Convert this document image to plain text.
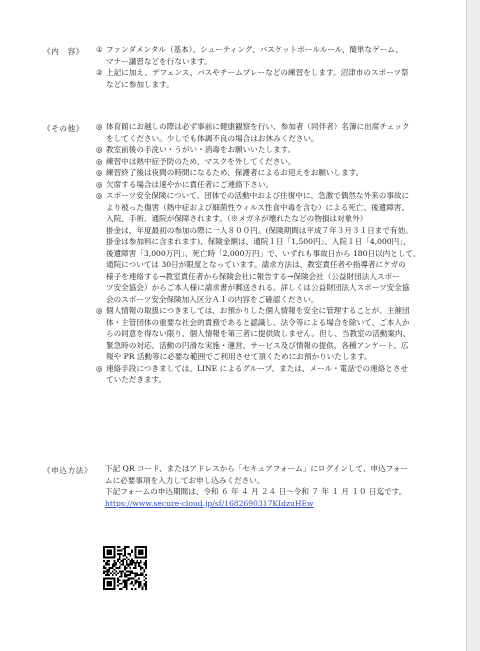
《内　容》 ① ファンダメンタル（基本）、シューティング、バスケットボールルール、簡単なゲーム、
マナー講習などを行ないます。
② 上記に加え、デフェンス、パスやチームプレーなどの練習をします。沼津市のスポーツ祭
などに参加します。
《その他》 ◎ 体育館にお越しの際は必ず事前に健康観察を行い、参加者（同伴者）名簿に出席チェック
をしてください。少しでも体調不良の場合はお休みください。
◎ 教室前後の手洗い・うがい・消毒をお願いいたします。
◎ 練習中は熱中症予防のため、マスクを外してください。
◎ 練習終了後は夜間の時間になるため、保護者によるお迎えをお願いします。
◎ 欠席する場合は速やかに責任者にご連絡下さい。
◎ スポーツ安全保険について、団体での活動中および往復中に、急激で偶然な外来の事故に
より被った傷害（熱中症および細菌性ウィルス性食中毒を含む）による死亡、後遺障害、
入院、手術、通院が保障されます。（※メガネが壊れたなどの物損は対象外）
掛金は、年度最初の参加の際に一人８００円。(保険期間は平成７年３月３１日まで有効。
掛金は参加料に含まれます)、保険金額は、通院１日「1,500円」、入院１日「4,000円」、
後遺障害「3,000万円」、死亡時「2,000万円」で、いずれも事故日から 180日以内として、
通院については 30日が限度となっています。請求方法は、教室責任者や指導者にケガの
様子を連絡する→教室責任者から保険会社に報告する→保険会社（公益財団法人スポー
ツ安全協会）からご本人様に請求書が郵送される。詳しくは公益財団法人スポーツ安全協
会のスポーツ安全保険加入区分Ａ１の内容をご確認ください。
◎ 個人情報の取扱につきましては、お預かりした個人情報を安全に管理することが、主催団
体・主管団体の重要な社会的責務であると認識し、法令等による場合を除いて、ご本人か
らの同意を得ない限り、個人情報を第三者に提供致しません。但し、当教室の活動案内、
緊急時の対応、活動の円滑な実施・運営、サービス及び情報の提供、各種アンケート、広
報や PR 活動等に必要な範囲でご利用させて頂くためにお預かりいたします。
◎ 連絡手段につきましては、LINE によるグループ、または、メール・電話での連絡とさせ
ていただきます。
《申込方法》 下記 QR コード、またはアドレスから「セキュアフォーム」にログインして、申込フォー
ムに必要事項を入力してお申し込みください。
下記フォームの申込期間は、令和 ６ 年 ４ 月 ２４ 日～令和 ７ 年 １ 月 １０ 日迄です。
https://www.secure-cloud.jp/sf/1682690317KIdzuHEw
